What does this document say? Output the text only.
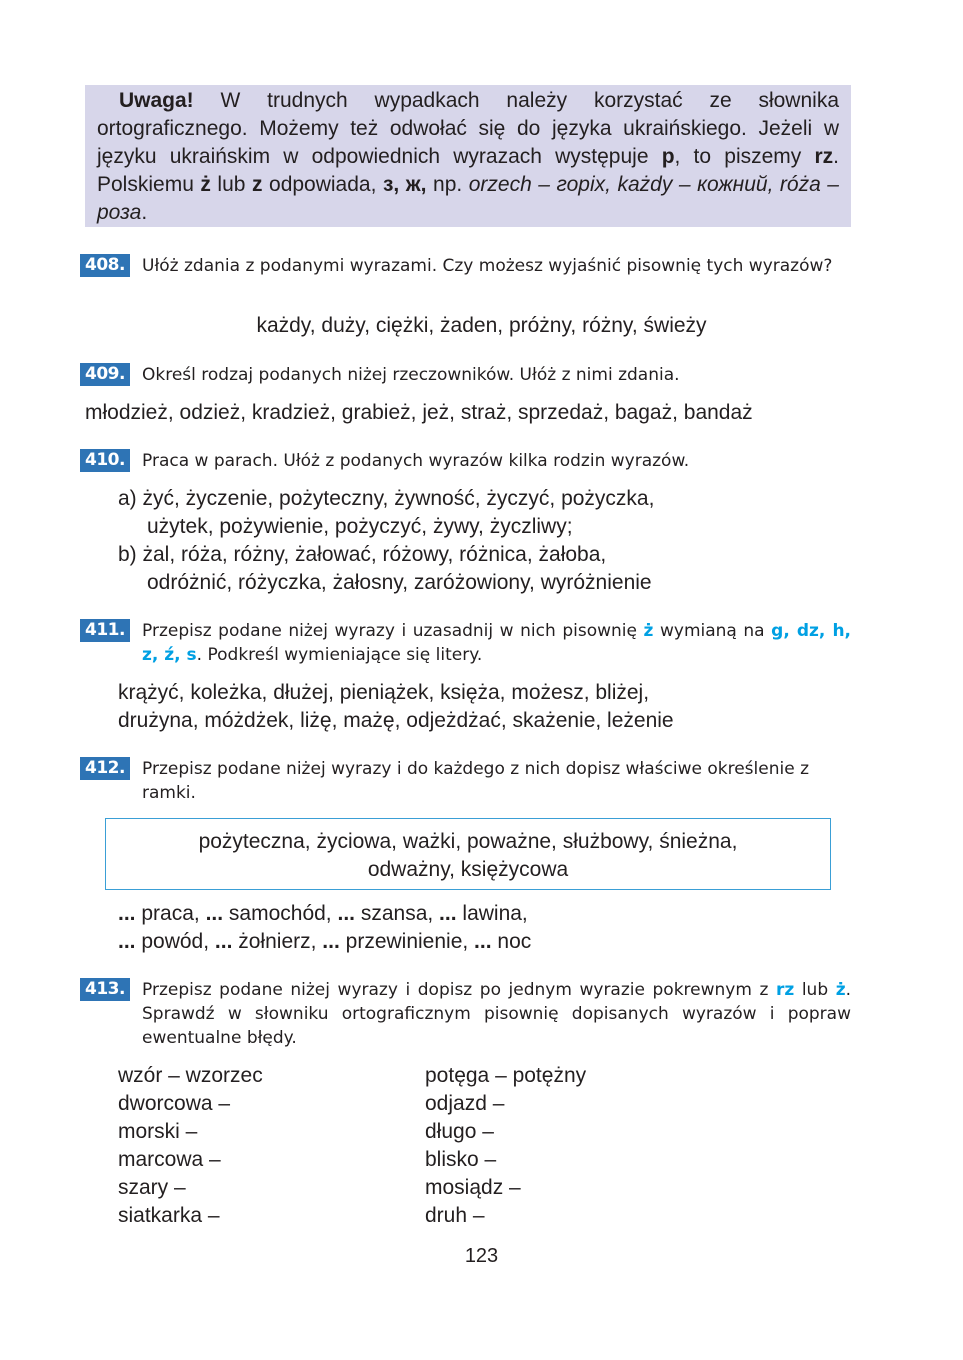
Uwaga! W trudnych wypadkach należy korzystać ze słownika ortograficznego. Możemy też odwołać się do języka ukraińskiego. Jeżeli w języku ukraińskim w odpowiednich wyrazach występuje р, to piszemy rz. Polskiemu ż lub z odpowiada, з, ж, np. orzech – горіх, każdy – кожний, róża – роза.
408. Ułóż zdania z podanymi wyrazami. Czy możesz wyjaśnić pisownię tych wyrazów?
każdy, duży, ciężki, żaden, próżny, różny, świeży
409. Określ rodzaj podanych niżej rzeczowników. Ułóż z nimi zdania.
młodzież, odzież, kradzież, grabież, jeż, straż, sprzedaż, bagaż, bandaż
410. Praca w parach. Ułóż z podanych wyrazów kilka rodzin wyrazów.
a) żyć, życzenie, pożyteczny, żywność, życzyć, pożyczka,
użytek, pożywienie, pożyczyć, żywy, życzliwy;
b) żal, róża, różny, żałować, różowy, różnica, żałoba,
odróżnić, różyczka, żałosny, zaróżowiony, wyróżnienie
411. Przepisz podane niżej wyrazy i uzasadnij w nich pisownię ż wymianą na g, dz, h, z, ź, s. Podkreśl wymieniające się litery.
krążyć, koleżka, dłużej, pieniążek, księża, możesz, bliżej,
drużyna, móżdżek, liżę, mażę, odjeżdżać, skażenie, leżenie
412. Przepisz podane niżej wyrazy i do każdego z nich dopisz właściwe określenie z ramki.
pożyteczna, życiowa, ważki, poważne, służbowy, śnieżna,
odważny, księżycowa
... praca, ... samochód, ... szansa, ... lawina,
... powód, ... żołnierz, ... przewinienie, ... noc
413. Przepisz podane niżej wyrazy i dopisz po jednym wyrazie pokrewnym z rz lub ż. Sprawdź w słowniku ortograficznym pisownię dopisanych wyrazów i popraw ewentualne błędy.
wzór – wzorzec
dworcowa –
morski –
marcowa –
szary –
siatkarka –
potęga – potężny
odjazd –
długo –
blisko –
mosiądz –
druh –
123
